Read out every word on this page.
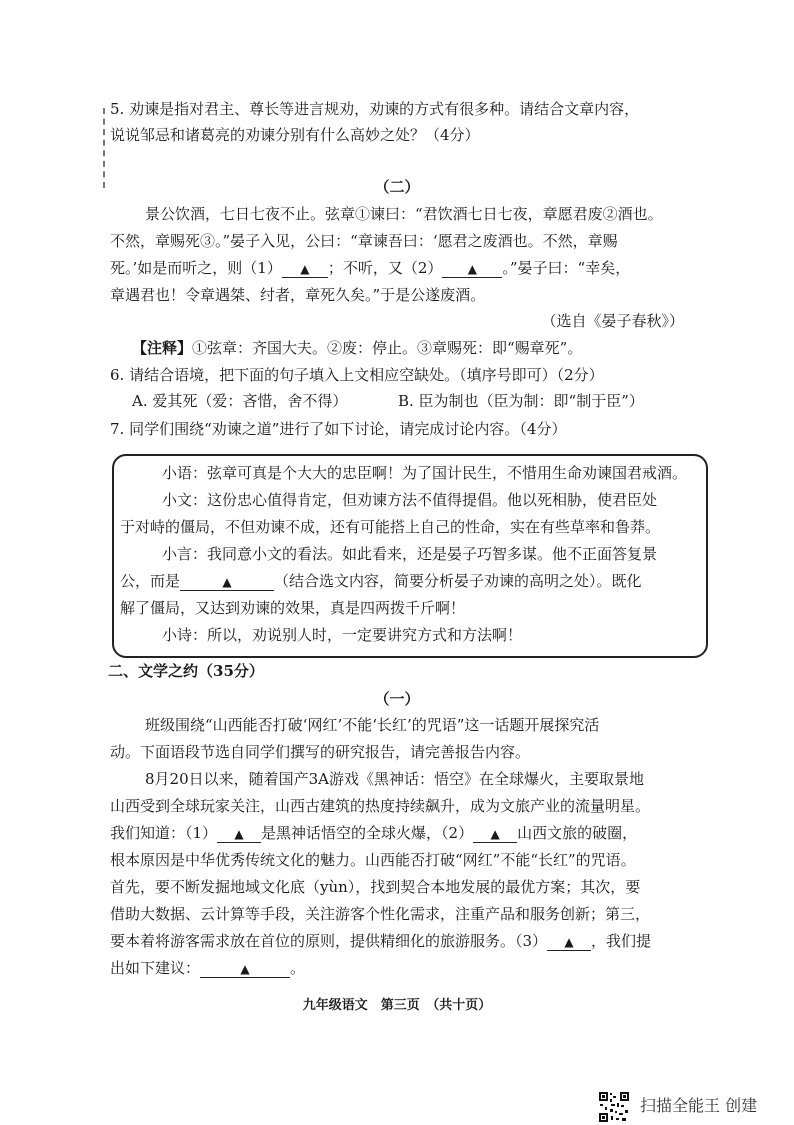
5. 劝谏是指对君主、尊长等进言规劝，劝谏的方式有很多种。请结合文章内容，
说说邹忌和诸葛亮的劝谏分别有什么高妙之处？（4分）
（二）
景公饮酒，七日七夜不止。弦章①谏曰：“君饮酒七日七夜，章愿君废②酒也。
不然，章赐死③。”晏子入见，公曰：“章谏吾曰：‘愿君之废酒也。不然，章赐
死。’如是而听之，则（1） ▲ ；不听，又（2） ▲ 。”晏子曰：“幸矣，
章遇君也！令章遇桀、纣者，章死久矣。”于是公遂废酒。
（选自《晏子春秋》）
【注释】①弦章：齐国大夫。②废：停止。③章赐死：即“赐章死”。
6. 请结合语境，把下面的句子填入上文相应空缺处。（填序号即可）（2分）
A. 爱其死（爱：吝惜，舍不得）	B. 臣为制也（臣为制：即“制于臣”）
7. 同学们围绕“劝谏之道”进行了如下讨论，请完成讨论内容。（4分）
小语：弦章可真是个大大的忠臣啊！为了国计民生，不惜用生命劝谏国君戒酒。
小文：这份忠心值得肯定，但劝谏方法不值得提倡。他以死相胁，使君臣处
于对峙的僵局，不但劝谏不成，还有可能搭上自己的性命，实在有些草率和鲁莽。
小言：我同意小文的看法。如此看来，还是晏子巧智多谋。他不正面答复景
公，而是	▲	（结合选文内容，简要分析晏子劝谏的高明之处）。既化
解了僵局，又达到劝谏的效果，真是四两拨千斤啊！
小诗：所以，劝说别人时，一定要讲究方式和方法啊！
二、文学之约（35分）
（一）
班级围绕“山西能否打破‘网红’不能‘长红’的咒语”这一话题开展探究活
动。下面语段节选自同学们撰写的研究报告，请完善报告内容。
8月20日以来，随着国产3A游戏《黑神话：悟空》在全球爆火，主要取景地
山西受到全球玩家关注，山西古建筑的热度持续飙升，成为文旅产业的流量明星。
我们知道：（1） ▲ 是黑神话悟空的全球火爆，（2） ▲ 山西文旅的破圈，
根本原因是中华优秀传统文化的魅力。山西能否打破“网红”不能“长红”的咒语。
首先，要不断发掘地域文化底（yùn），找到契合本地发展的最优方案；其次，要
借助大数据、云计算等手段，关注游客个性化需求，注重产品和服务创新；第三，
要本着将游客需求放在首位的原则，提供精细化的旅游服务。（3） ▲ ，我们提
出如下建议：	▲	。
九年级语文　第三页　（共十页）
扫描全能王 创建
